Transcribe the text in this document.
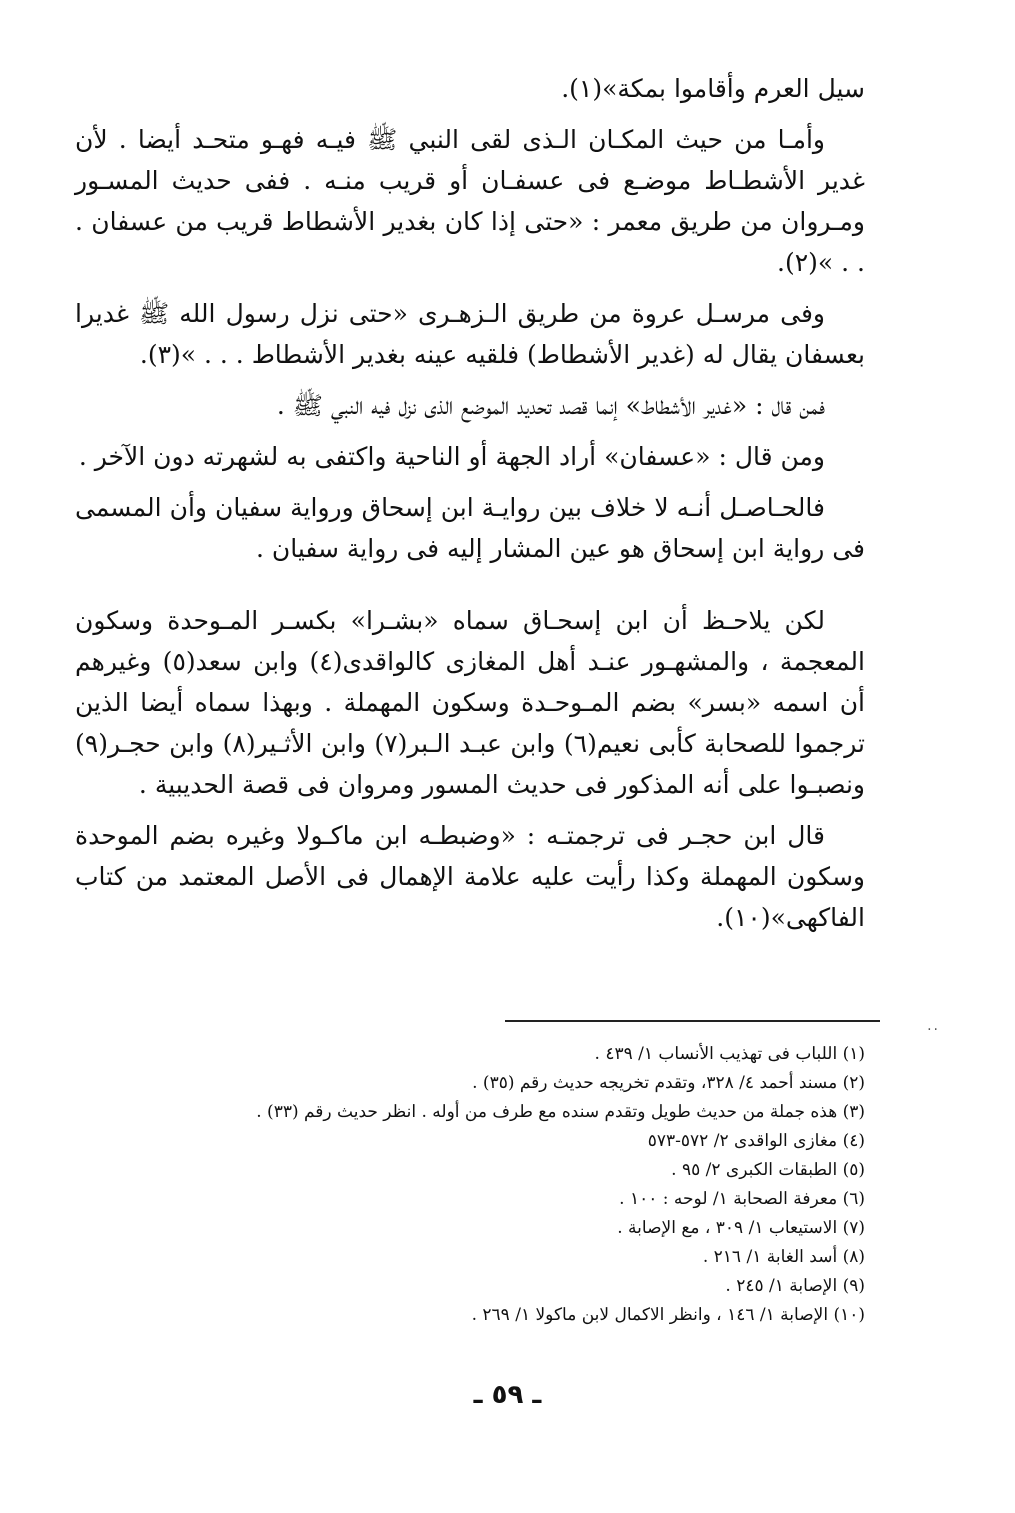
سيل العرم وأقاموا بمكة»(١).

وأمـا من حيث المكـان الـذى لقى النبي ﷺ فيـه فهـو متحـد أيضا . لأن غدير الأشطـاط موضـع فى عسفـان أو قريب منـه . ففى حديث المسـور ومـروان من طريق معمر : «حتى إذا كان بغدير الأشطاط قريب من عسفان . . . »(٢).

وفى مرسـل عروة من طريق الـزهـرى «حتى نزل رسول الله ﷺ غديرا بعسفان يقال له (غدير الأشطاط) فلقيه عينه بغدير الأشطاط . . . »(٣).

فمن قال : «غدير الأشطاط» إنما قصد تحديد الموضع الذى نزل فيه النبي ﷺ .

ومن قال : «عسفان» أراد الجهة أو الناحية واكتفى به لشهرته دون الآخر .

فالحـاصـل أنـه لا خلاف بين روايـة ابن إسحاق ورواية سفيان وأن المسمى فى رواية ابن إسحاق هو عين المشار إليه فى رواية سفيان .

لكن يلاحـظ أن ابن إسحـاق سماه «بشـرا» بكسـر المـوحدة وسكون المعجمة ، والمشهـور عنـد أهل المغازى كالواقدى(٤) وابن سعد(٥) وغيرهم أن اسمه «بسر» بضم المـوحـدة وسكون المهملة . وبهذا سماه أيضا الذين ترجموا للصحابة كأبى نعيم(٦) وابن عبـد الـبر(٧) وابن الأثـير(٨) وابن حجـر(٩) ونصبـوا على أنه المذكور فى حديث المسور ومروان فى قصة الحديبية .

قال ابن حجـر فى ترجمتـه : «وضبطـه ابن ماكـولا وغيره بضم الموحدة وسكون المهملة وكذا رأيت عليه علامة الإهمال فى الأصل المعتمد من كتاب الفاكهى»(١٠).

..
(١) اللباب فى تهذيب الأنساب ١/ ٤٣٩ .
(٢) مسند أحمد ٤/ ٣٢٨، وتقدم تخريجه حديث رقم (٣٥) .
(٣) هذه جملة من حديث طويل وتقدم سنده مع طرف من أوله . انظر حديث رقم (٣٣) .
(٤) مغازى الواقدى ٢/ ٥٧٢-٥٧٣
(٥) الطبقات الكبرى ٢/ ٩٥ .
(٦) معرفة الصحابة ١/ لوحه : ١٠٠ .
(٧) الاستيعاب ١/ ٣٠٩ ، مع الإصابة .
(٨) أسد الغابة ١/ ٢١٦ .
(٩) الإصابة ١/ ٢٤٥ .
(١٠) الإصابة ١/ ١٤٦ ، وانظر الاكمال لابن ماكولا ١/ ٢٦٩ .
ـ ٥٩ ـ
